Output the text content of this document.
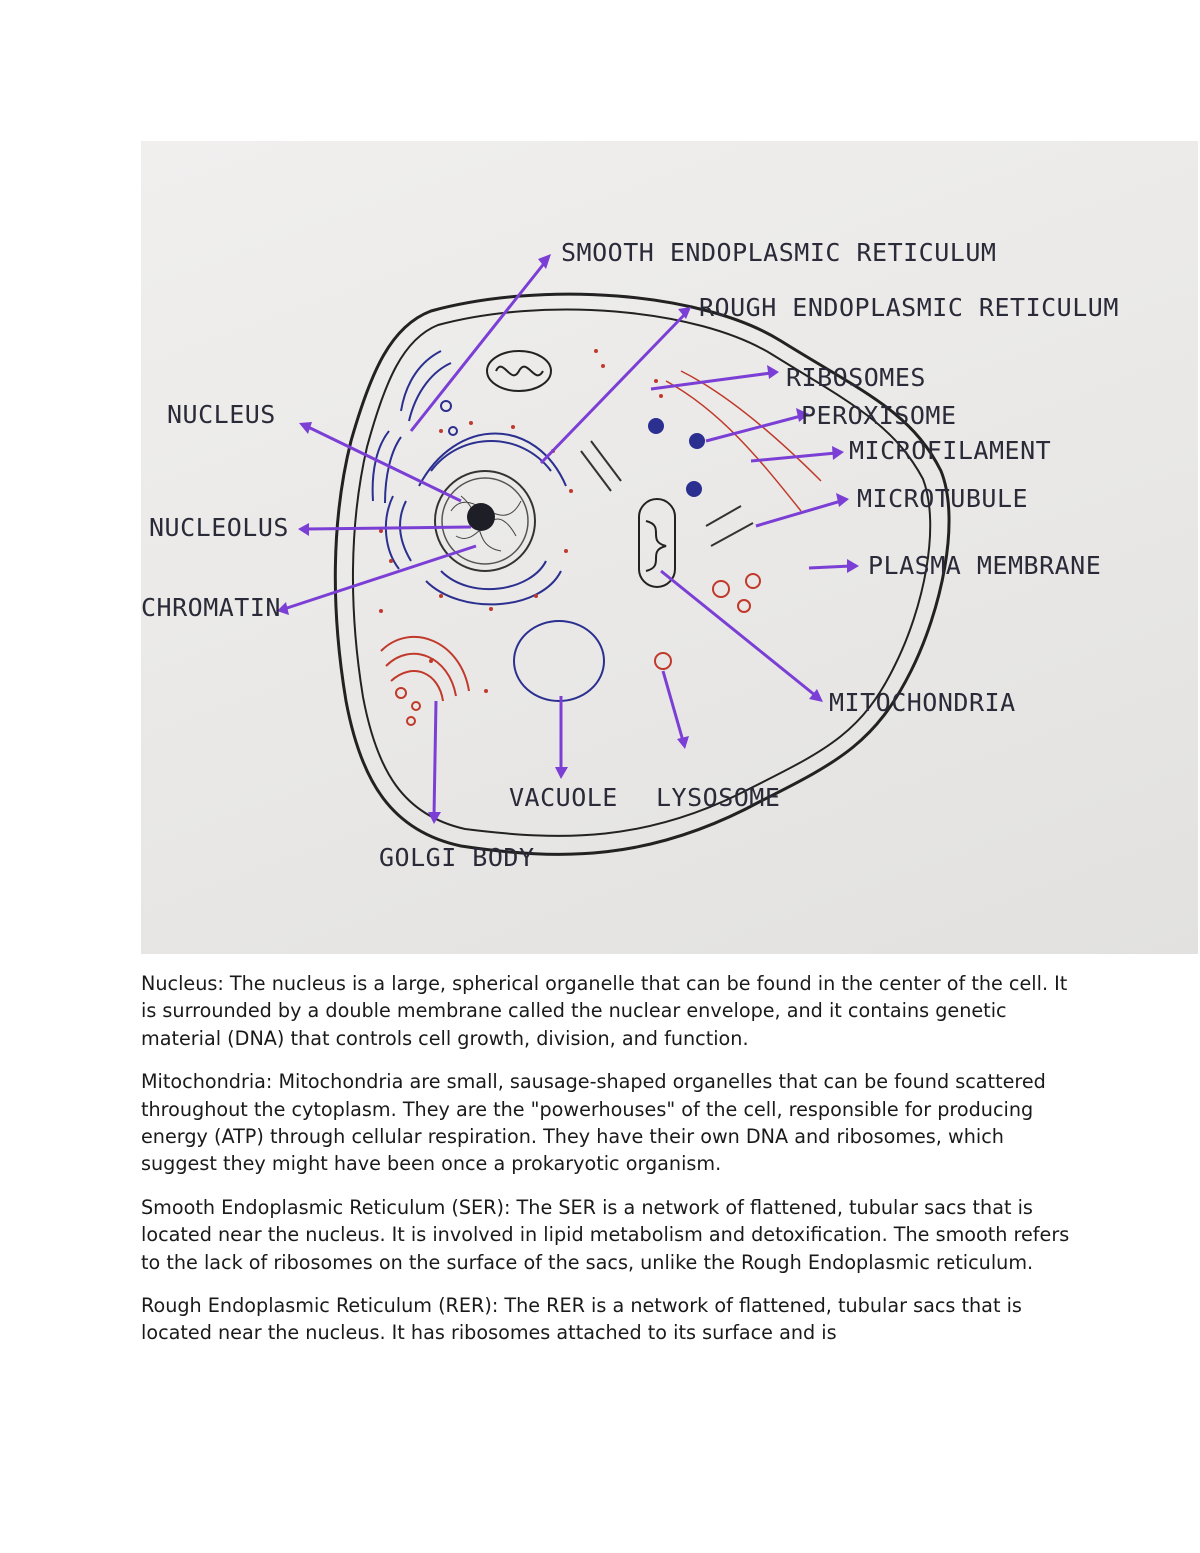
SMOOTH ENDOPLASMIC RETICULUM
ROUGH ENDOPLASMIC RETICULUM
RIBOSOMES
PEROXISOME
MICROFILAMENT
MICROTUBULE
PLASMA MEMBRANE
MITOCHONDRIA
NUCLEUS
NUCLEOLUS
CHROMATIN
VACUOLE LYSOSOME
GOLGI BODY

Nucleus: The nucleus is a large, spherical organelle that can be found in the center of the cell. It is surrounded by a double membrane called the nuclear envelope, and it contains genetic material (DNA) that controls cell growth, division, and function.

Mitochondria: Mitochondria are small, sausage-shaped organelles that can be found scattered throughout the cytoplasm. They are the "powerhouses" of the cell, responsible for producing energy (ATP) through cellular respiration. They have their own DNA and ribosomes, which suggest they might have been once a prokaryotic organism.

Smooth Endoplasmic Reticulum (SER): The SER is a network of flattened, tubular sacs that is located near the nucleus. It is involved in lipid metabolism and detoxification. The smooth refers to the lack of ribosomes on the surface of the sacs, unlike the Rough Endoplasmic reticulum.

Rough Endoplasmic Reticulum (RER): The RER is a network of flattened, tubular sacs that is located near the nucleus. It has ribosomes attached to its surface and is
